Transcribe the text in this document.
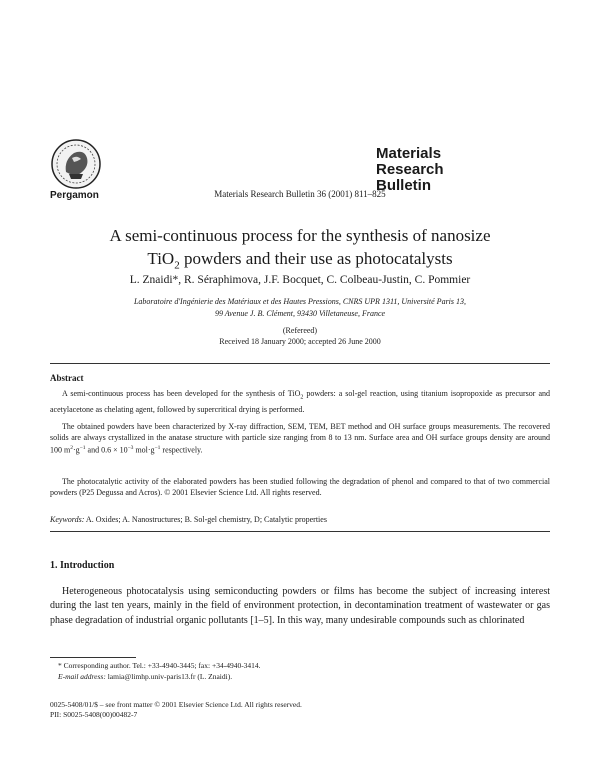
Pergamon	Materials Research Bulletin 36 (2001) 811–825
Materials
Research
Bulletin
A semi-continuous process for the synthesis of nanosize
TiO$_2$ powders and their use as photocatalysts
L. Znaidi*, R. Séraphimova, J.F. Bocquet, C. Colbeau-Justin, C. Pommier
Laboratoire d'Ingénierie des Matériaux et des Hautes Pressions, CNRS UPR 1311, Université Paris 13,
99 Avenue J. B. Clément, 93430 Villetaneuse, France
(Refereed)
Received 18 January 2000; accepted 26 June 2000
Abstract
A semi-continuous process has been developed for the synthesis of TiO$_2$ powders: a sol-gel reaction, using titanium isopropoxide as precursor and acetylacetone as chelating agent, followed by supercritical drying is performed.
The obtained powders have been characterized by X-ray diffraction, SEM, TEM, BET method and OH surface groups measurements. The recovered solids are always crystallized in the anatase structure with particle size ranging from 8 to 13 nm. Surface area and OH surface groups density are around 100 $m^2\cdot g^{-1}$ and $0.6 \times 10^{-3}$ $mol\cdot g^{-1}$ respectively.
The photocatalytic activity of the elaborated powders has been studied following the degradation of phenol and compared to that of two commercial powders (P25 Degussa and Acros). © 2001 Elsevier Science Ltd. All rights reserved.
Keywords: A. Oxides; A. Nanostructures; B. Sol-gel chemistry, D; Catalytic properties
1. Introduction
Heterogeneous photocatalysis using semiconducting powders or films has become the subject of increasing interest during the last ten years, mainly in the field of environment protection, in decontamination treatment of wastewater or gas phase degradation of industrial organic pollutants [1–5]. In this way, many undesirable compounds such as chlorinated
* Corresponding author. Tel.: +33-4940-3445; fax: +34-4940-3414.
E-mail address: lamia@limhp.univ-paris13.fr (L. Znaidi).
0025-5408/01/$ – see front matter © 2001 Elsevier Science Ltd. All rights reserved.
PII: S0025-5408(00)00482-7
